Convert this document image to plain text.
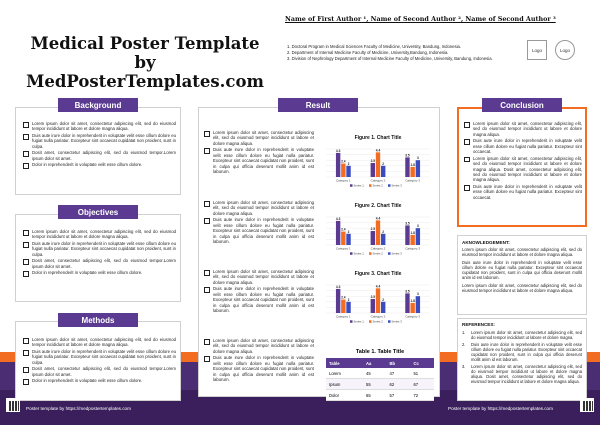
Medical Poster Template by
MedPosterTemplates.com
Name of First Author ¹, Name of Second Author ², Name of Second Author ³
1. Doctoral Program in Medical Sciences Faculty of Medicine, University, Bandung, Indonesia.
2. Department of Internal Medicine Faculty of Medicine, University,Bandung, Indonesia.
3. Division of Nephrology Department of Internal Medicine Faculty of Medicine, University, Bandung, Indonesia.
Logo	Logo
Background
Lorem ipsum dolor sit amet, consectetur adipiscing elit, sed do eiusmod tempor incididunt ut labore et dolore magna aliqua.
Duis aute irure dolor in reprehenderit in voluptate velit esse cillum dolore eu fugiat nulla pariatur. Excepteur sint occaecat cupidatat non proident, sunt in culpa.
Dosit amet, consectetur adipiscing elit, sed do eiusmod tempor.Lorem ipsum dolor sit amet.
Dolor in reprehenderit in voluptate velit esse cillum dolore.
Objectives
Lorem ipsum dolor sit amet, consectetur adipiscing elit, sed do eiusmod tempor incididunt ut labore et dolore magna aliqua.
Duis aute irure dolor in reprehenderit in voluptate velit esse cillum dolore eu fugiat nulla pariatur. Excepteur sint occaecat cupidatat non proident, sunt in culpa.
Dosit amet, consectetur adipiscing elit, sed do eiusmod tempor.Lorem ipsum dolor sit amet.
Dolor in reprehenderit in voluptate velit esse cillum dolore.
Methods
Lorem ipsum dolor sit amet, consectetur adipiscing elit, sed do eiusmod tempor incididunt ut labore et dolore magna aliqua.
Duis aute irure dolor in reprehenderit in voluptate velit esse cillum dolore eu fugiat nulla pariatur. Excepteur sint occaecat cupidatat non proident, sunt in culpa.
Dosit amet, consectetur adipiscing elit, sed do eiusmod tempor.Lorem ipsum dolor sit amet.
Dolor in reprehenderit in voluptate velit esse cillum dolore.
Result
Lorem ipsum dolor sit amet, consectetur adipiscing elit, sed do eiusmod tempor incididunt ut labore et dolore magna aliqua.
Duis aute irure dolor in reprehenderit in voluptate velit esse cillum dolore eu fugiat nulla pariatur. Excepteur sint occaecat cupidatat non proident, sunt in culpa qui officia deserunt mollit anim id est laborum.
Lorem ipsum dolor sit amet, consectetur adipiscing elit, sed do eiusmod tempor incididunt ut labore et dolore magna aliqua.
Duis aute irure dolor in reprehenderit in voluptate velit esse cillum dolore eu fugiat nulla pariatur. Excepteur sint occaecat cupidatat non proident, sunt in culpa qui officia deserunt mollit anim id est laborum.
Lorem ipsum dolor sit amet, consectetur adipiscing elit, sed do eiusmod tempor incididunt ut labore et dolore magna aliqua.
Duis aute irure dolor in reprehenderit in voluptate velit esse cillum dolore eu fugiat nulla pariatur. Excepteur sint occaecat cupidatat non proident, sunt in culpa qui officia deserunt mollit anim id est laborum.
Lorem ipsum dolor sit amet, consectetur adipiscing elit, sed do eiusmod tempor incididunt ut labore et dolore magna aliqua.
Duis aute irure dolor in reprehenderit in voluptate velit esse cillum dolore eu fugiat nulla pariatur. Excepteur sint occaecat cupidatat non proident, sunt in culpa qui officia deserunt mollit anim id est laborum.
Figure 1. Chart Title
4.3
2.4
2
Category 1
2.5
4.4
2
Category 2
3.5
1.8
3
Category 3
Series 1	Series 2	Series 3
Figure 2. Chart Title
4.3
2.4
2
Category 1
2.5
4.4
2
Category 2
3.5
1.8
3
Category 3
Series 1	Series 2	Series 3
Figure 3. Chart Title
4.3
2.4
2
Category 1
2.5
4.4
2
Category 2
3.5
1.8
3
Category 3
Series 1	Series 2	Series 3
Table 1. Table Title
Table	Aa	Bb	Cc
Lorem	45	47	51
Ipsum	55	62	67
Dolor	65	57	72
Conclusion
Lorem ipsum dolor sit amet, consectetur adipiscing elit, sed do eiusmod tempor incididunt ut labore et dolore magna aliqua.
Duis aute irure dolor in reprehenderit in voluptate velit esse cillum dolore eu fugiat nulla pariatur. Excepteur sint occaecat.
Lorem ipsum dolor sit amet, consectetur adipiscing elit, sed do eiusmod tempor incididunt ut labore et dolore magna aliqua. Dosit amet, consectetur adipiscing elit, sed do eiusmod tempor incididunt ut labore et dolore magna aliqua.
Duis aute irure dolor in reprehenderit in voluptate velit esse cillum dolore eu fugiat nulla pariatur. Excepteur sint occaecat.
AKNOWLEDGEMENT:
Lorem ipsum dolor sit amet, consectetur adipiscing elit, sed do eiusmod tempor incididunt ut labore et dolore magna aliqua.
Duis aute irure dolor in reprehenderit in voluptate velit esse cillum dolore eu fugiat nulla pariatur. Excepteur sint occaecat cupidatat non proident, sunt in culpa qui officia deserunt mollit anim id est laborum.
Lorem ipsum dolor sit amet, consectetur adipiscing elit, sed do eiusmod tempor incididunt ut labore et dolore magna aliqua.
REFERENCES:
1. Lorem ipsum dolor sit amet, consectetur adipiscing elit, sed do eiusmod tempor incididunt ut labore et dolore magna.
2. Duis aute irure dolor in reprehenderit in voluptate velit esse cillum dolore eu fugiat nulla pariatur. Excepteur sint occaecat cupidatat non proident, sunt in culpa qui officia deserunt mollit anim id est laborum.
3. Lorem ipsum dolor sit amet, consectetur adipiscing elit, sed do eiusmod tempor incididunt ut labore et dolore magna aliqua. Dosit amet, consectetur adipiscing elit, sed do eiusmod tempor incididunt ut labore et dolore magna aliqua.
Poster template by https://medpostertemplates.com	Poster template by https://medpostertemplates.com
